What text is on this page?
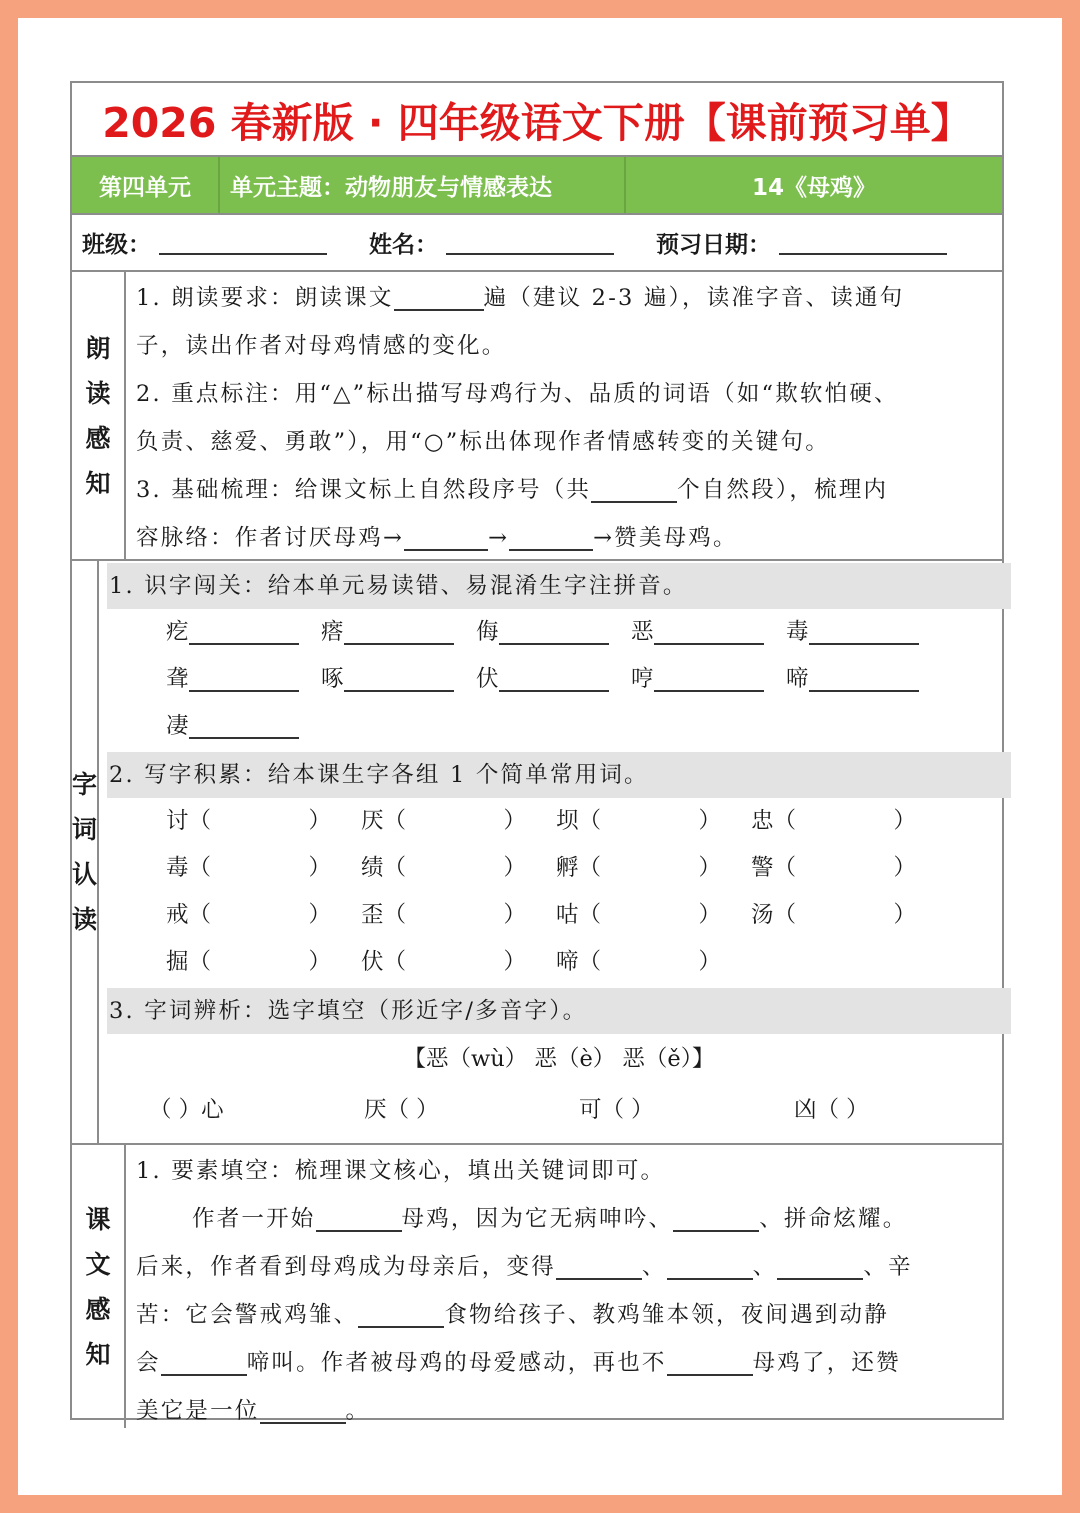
2026 春新版 · 四年级语文下册【课前预习单】
第四单元	单元主题：动物朋友与情感表达	14《母鸡》
班级：	姓名：	预习日期：
朗
读
感
知
1. 朗读要求：朗读课文	遍（建议 2-3 遍），读准字音、读通句
子，读出作者对母鸡情感的变化。
2. 重点标注：用“△”标出描写母鸡行为、品质的词语（如“欺软怕硬、
负责、慈爱、勇敢”），用“○”标出体现作者情感转变的关键句。
3. 基础梳理：给课文标上自然段序号（共	个自然段），梳理内
容脉络：作者讨厌母鸡→	→	→赞美母鸡。
字
词
认
读
1. 识字闯关：给本单元易读错、易混淆生字注拼音。
疙	瘩	侮	恶	毒
聋	啄	伏	哼	啼
凄
2. 写字积累：给本课生字各组 1 个简单常用词。
讨（	） 厌（	） 坝（	） 忠（	）
毒（	） 绩（	） 孵（	） 警（	）
戒（	） 歪（	） 咕（	） 汤（	）
掘（	） 伏（	） 啼（	）
3. 字词辨析：选字填空（形近字/多音字）。
【恶（wù） 恶（è） 恶（ě）】
（ ）心	厌（ ）	可（ ）	凶（ ）
课
文
感
知
1. 要素填空：梳理课文核心，填出关键词即可。
作者一开始	母鸡，因为它无病呻吟、	、拼命炫耀。
后来，作者看到母鸡成为母亲后，变得	、	、	、辛
苦：它会警戒鸡雏、	食物给孩子、教鸡雏本领，夜间遇到动静
会	啼叫。作者被母鸡的母爱感动，再也不	母鸡了，还赞
美它是一位	。
